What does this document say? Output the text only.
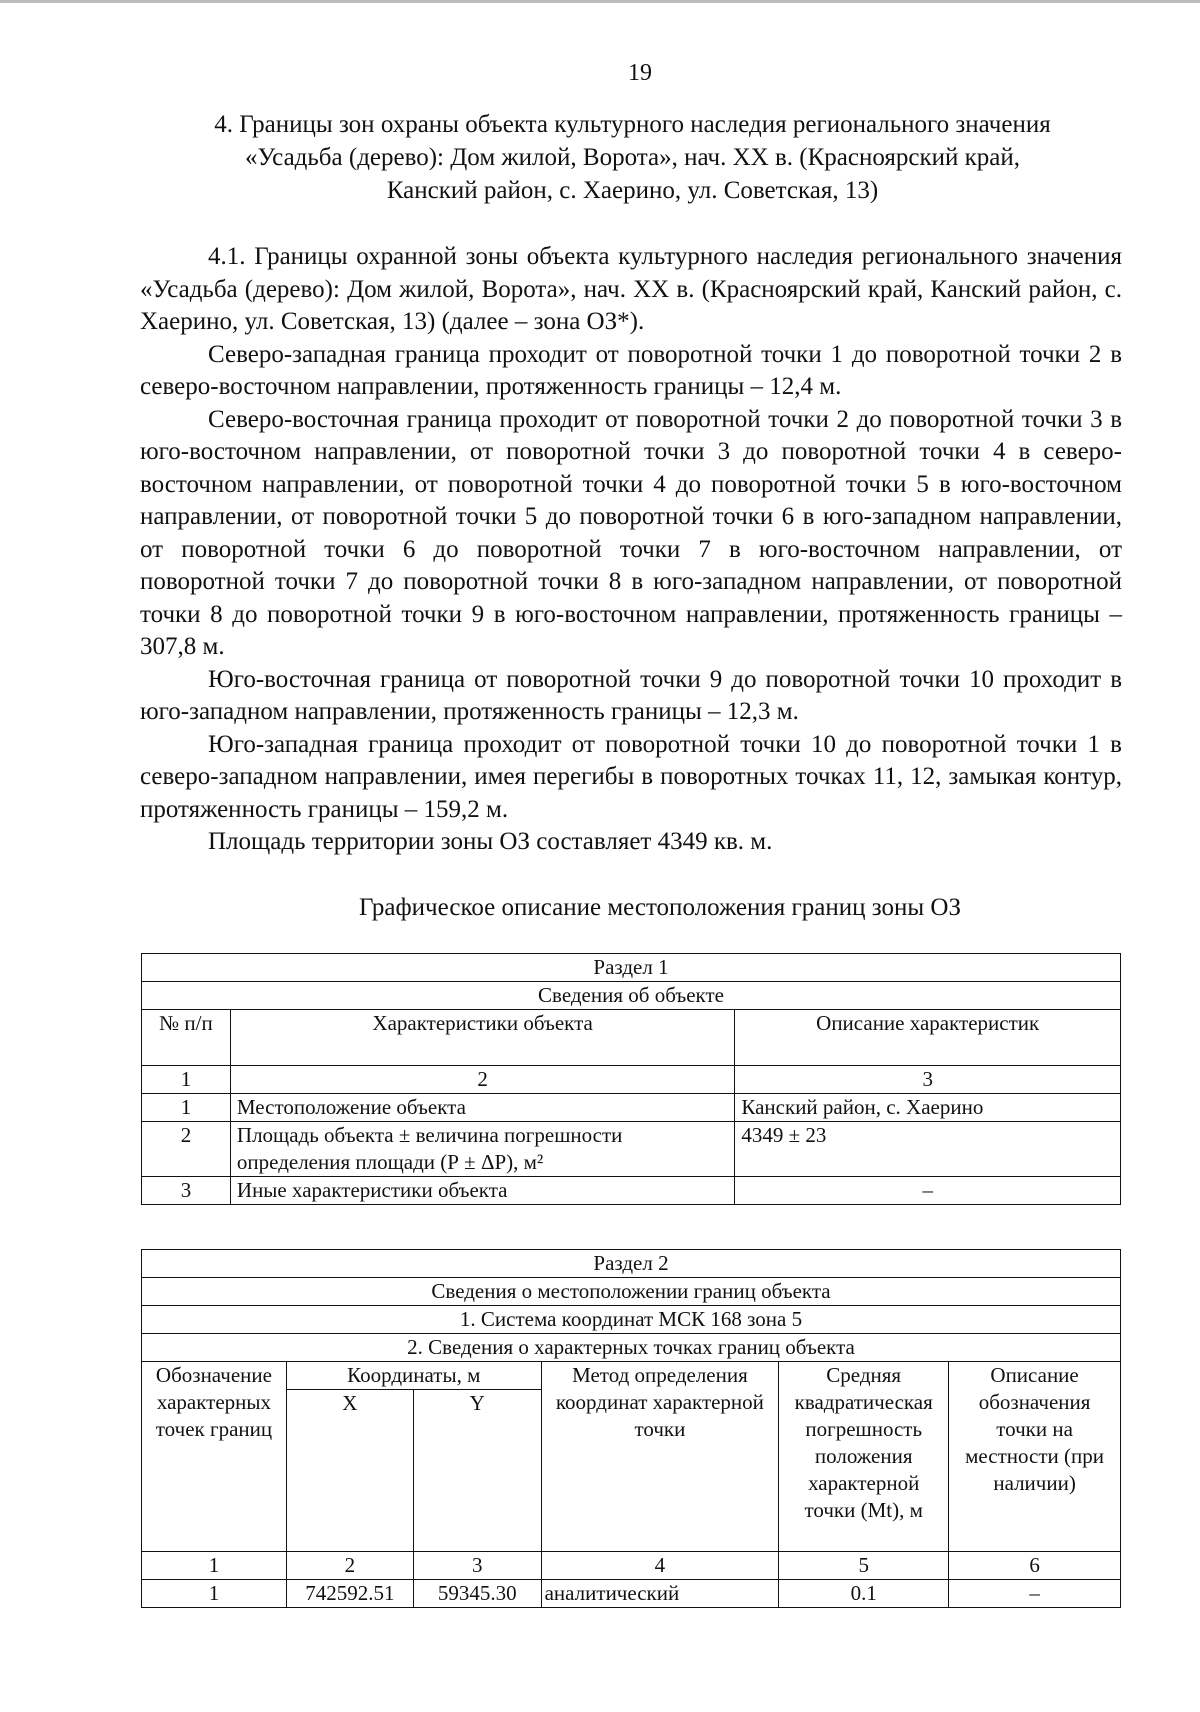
19
4. Границы зон охраны объекта культурного наследия регионального значения
«Усадьба (дерево): Дом жилой, Ворота», нач. XX в. (Красноярский край,
Канский район, с. Хаерино, ул. Советская, 13)

4.1. Границы охранной зоны объекта культурного наследия регионального значения «Усадьба (дерево): Дом жилой, Ворота», нач. XX в. (Красноярский край, Канский район, с. Хаерино, ул. Советская, 13) (далее – зона ОЗ*).

Северо-западная граница проходит от поворотной точки 1 до поворотной точки 2 в северо-восточном направлении, протяженность границы – 12,4 м.

Северо-восточная граница проходит от поворотной точки 2 до поворотной точки 3 в юго-восточном направлении, от поворотной точки 3 до поворотной точки 4 в северо-восточном направлении, от поворотной точки 4 до поворотной точки 5 в юго-восточном направлении, от поворотной точки 5 до поворотной точки 6 в юго-западном направлении, от поворотной точки 6 до поворотной точки 7 в юго-восточном направлении, от поворотной точки 7 до поворотной точки 8 в юго-западном направлении, от поворотной точки 8 до поворотной точки 9 в юго-восточном направлении, протяженность границы – 307,8 м.

Юго-восточная граница от поворотной точки 9 до поворотной точки 10 проходит в юго-западном направлении, протяженность границы – 12,3 м.

Юго-западная граница проходит от поворотной точки 10 до поворотной точки 1 в северо-западном направлении, имея перегибы в поворотных точках 11, 12, замыкая контур, протяженность границы – 159,2 м.

Площадь территории зоны ОЗ составляет 4349 кв. м.

Графическое описание местоположения границ зоны ОЗ
Раздел 1		
Сведения об объекте		
№ п/п	Характеристики объекта	Описание характеристик
1	2	3
1	Местоположение объекта	Канский район, с. Хаерино
2	Площадь объекта ± величина погрешности определения площади (Р ± ΔР), м²	4349 ± 23
3	Иные характеристики объекта	–
Раздел 2					
Сведения о местоположении границ объекта					
1. Система координат МСК 168 зона 5					
2. Сведения о характерных точках границ объекта					
Обозначение характерных точек границ	Координаты, м		Метод определения координат характерной точки	Средняя квадратическая погрешность положения характерной точки (Mt), м	Описание обозначения точки на местности (при наличии)
	X	Y			
1	2	3	4	5	6
1	742592.51	59345.30	аналитический	0.1	–
